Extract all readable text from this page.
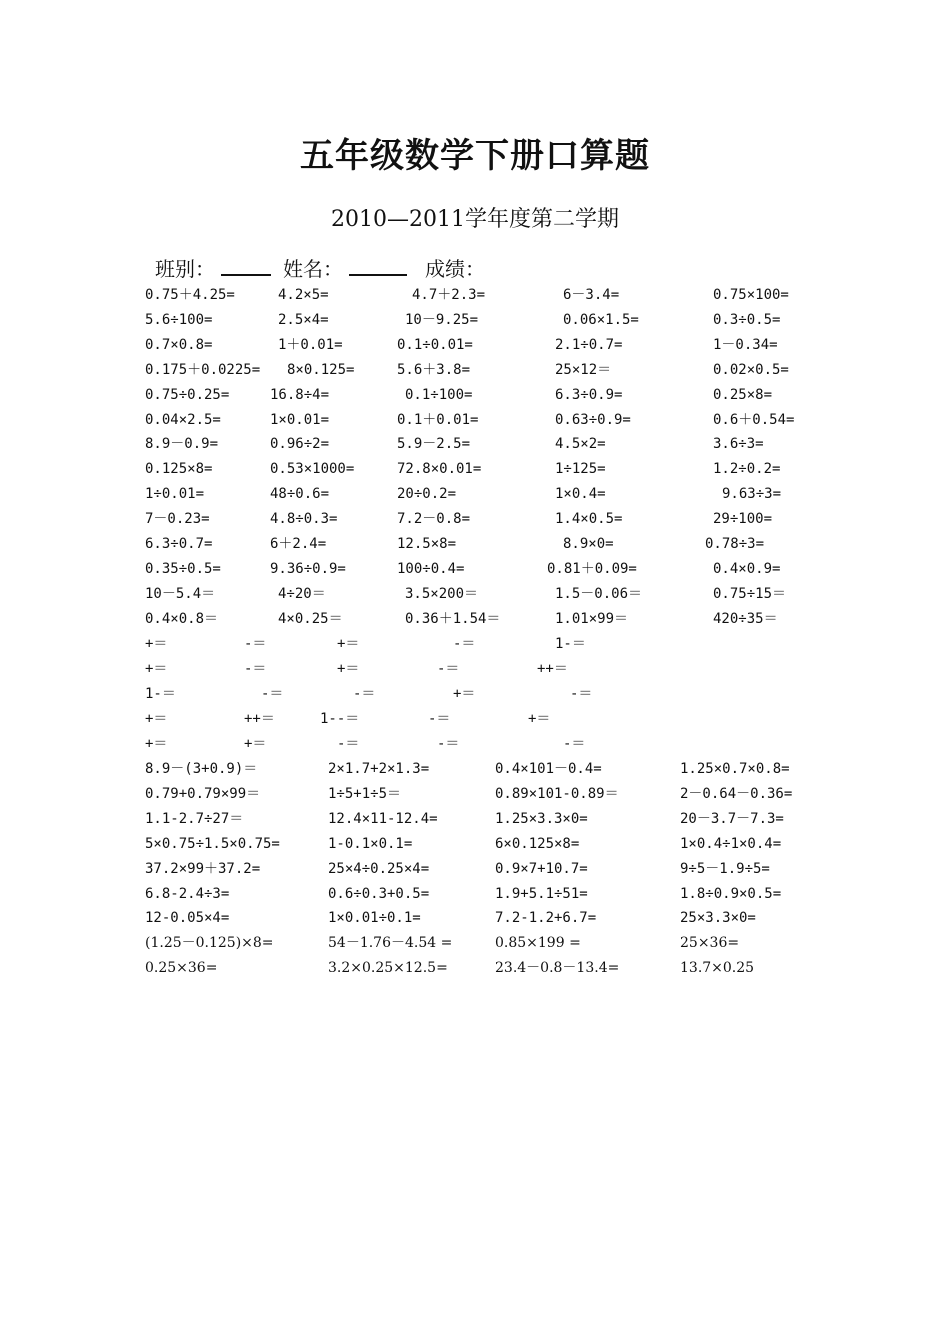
五年级数学下册口算题
2010—2011学年度第二学期
班别：	姓名：	成绩：
0.75＋4.25=	4.2×5=	4.7＋2.3=	6－3.4=	0.75×100=
5.6÷100=	2.5×4=	10－9.25=	0.06×1.5=	0.3÷0.5=
0.7×0.8=	1＋0.01=	0.1÷0.01=	2.1÷0.7=	1－0.34=
0.175＋0.0225= 8×0.125=	5.6＋3.8=	25×12＝	0.02×0.5=
0.75÷0.25=	16.8÷4=	0.1÷100=	6.3÷0.9=	0.25×8=
0.04×2.5=	1×0.01=	0.1＋0.01=	0.63÷0.9=	0.6＋0.54=
8.9－0.9=	0.96÷2=	5.9－2.5=	4.5×2=	3.6÷3=
0.125×8=	0.53×1000=	72.8×0.01=	1÷125=	1.2÷0.2=
1÷0.01=	48÷0.6=	20÷0.2=	1×0.4=	9.63÷3=
7－0.23=	4.8÷0.3=	7.2－0.8=	1.4×0.5=	29÷100=
6.3÷0.7=	6＋2.4=	12.5×8=	8.9×0=	0.78÷3=
0.35÷0.5=	9.36÷0.9=	100÷0.4=	0.81＋0.09=	0.4×0.9=
10－5.4＝	4÷20＝	3.5×200＝	1.5－0.06＝	0.75÷15＝
0.4×0.8＝	4×0.25＝	0.36＋1.54＝	1.01×99＝	420÷35＝
+＝	-＝	+＝	-＝	1-＝
+＝	-＝	+＝	-＝	++＝
1-＝	-＝	-＝	+＝	-＝
+＝	++＝	1--＝	-＝	+＝
+＝	+＝	-＝	-＝	-＝
8.9－(3+0.9)＝	2×1.7+2×1.3=	0.4×101－0.4=	1.25×0.7×0.8=
0.79+0.79×99＝	1÷5+1÷5＝	0.89×101-0.89＝	2－0.64－0.36=
1.1-2.7÷27＝	12.4×11-12.4=	1.25×3.3×0=	20－3.7－7.3=
5×0.75÷1.5×0.75=	1-0.1×0.1=	6×0.125×8=	1×0.4÷1×0.4=
37.2×99＋37.2=	25×4÷0.25×4=	0.9×7+10.7=	9÷5－1.9÷5=
6.8-2.4÷3=	0.6÷0.3+0.5=	1.9+5.1÷51=	1.8÷0.9×0.5=
12-0.05×4=	1×0.01÷0.1=	7.2-1.2+6.7=	25×3.3×0=
(1.25－0.125)×8=	54－1.76－4.54 =	0.85×199 =	25×36=
0.25×36=	3.2×0.25×12.5=	23.4－0.8－13.4=	13.7×0.25
